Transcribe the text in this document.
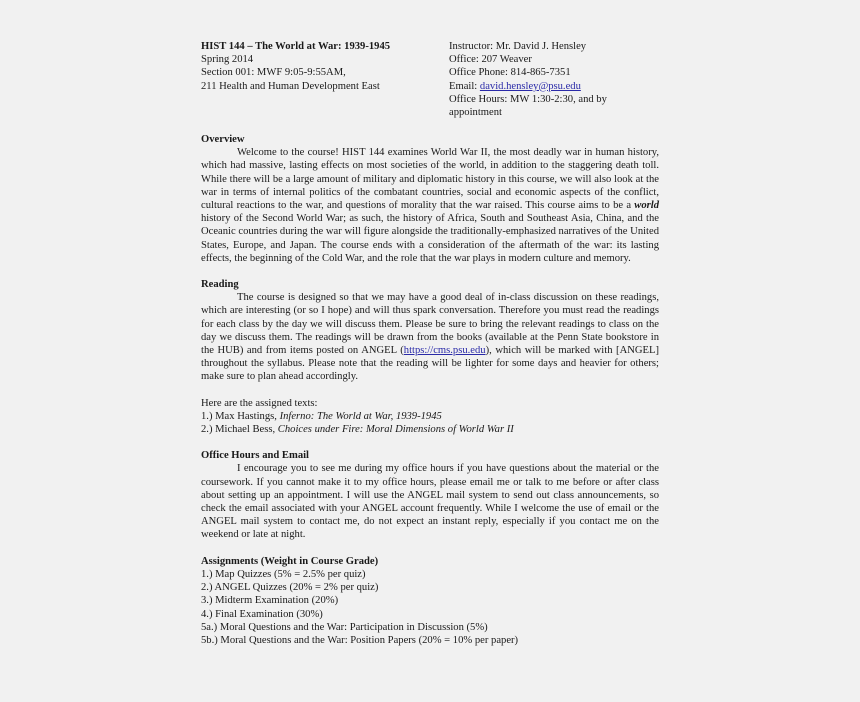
HIST 144 – The World at War: 1939-1945
Spring 2014
Section 001: MWF 9:05-9:55AM,
211 Health and Human Development East
Instructor: Mr. David J. Hensley
Office: 207 Weaver
Office Phone: 814-865-7351
Email: david.hensley@psu.edu
Office Hours: MW 1:30-2:30, and by
appointment
Overview

Welcome to the course! HIST 144 examines World War II, the most deadly war in human history, which had massive, lasting effects on most societies of the world, in addition to the staggering death toll. While there will be a large amount of military and diplomatic history in this course, we will also look at the war in terms of internal politics of the combatant countries, social and economic aspects of the conflict, cultural reactions to the war, and questions of morality that the war raised. This course aims to be a world history of the Second World War; as such, the history of Africa, South and Southeast Asia, China, and the Oceanic countries during the war will figure alongside the traditionally-emphasized narratives of the United States, Europe, and Japan. The course ends with a consideration of the aftermath of the war: its lasting effects, the beginning of the Cold War, and the role that the war plays in modern culture and memory.

Reading

The course is designed so that we may have a good deal of in-class discussion on these readings, which are interesting (or so I hope) and will thus spark conversation. Therefore you must read the readings for each class by the day we will discuss them. Please be sure to bring the relevant readings to class on the day we discuss them. The readings will be drawn from the books (available at the Penn State bookstore in the HUB) and from items posted on ANGEL (https://cms.psu.edu), which will be marked with [ANGEL] throughout the syllabus. Please note that the reading will be lighter for some days and heavier for others; make sure to plan ahead accordingly.

Here are the assigned texts:
1.) Max Hastings, Inferno: The World at War, 1939-1945
2.) Michael Bess, Choices under Fire: Moral Dimensions of World War II
Office Hours and Email

I encourage you to see me during my office hours if you have questions about the material or the coursework. If you cannot make it to my office hours, please email me or talk to me before or after class about setting up an appointment. I will use the ANGEL mail system to send out class announcements, so check the email associated with your ANGEL account frequently. While I welcome the use of email or the ANGEL mail system to contact me, do not expect an instant reply, especially if you contact me on the weekend or late at night.

Assignments (Weight in Course Grade)
1.) Map Quizzes (5% = 2.5% per quiz)
2.) ANGEL Quizzes (20% = 2% per quiz)
3.) Midterm Examination (20%)
4.) Final Examination (30%)
5a.) Moral Questions and the War: Participation in Discussion (5%)
5b.) Moral Questions and the War: Position Papers (20% = 10% per paper)
